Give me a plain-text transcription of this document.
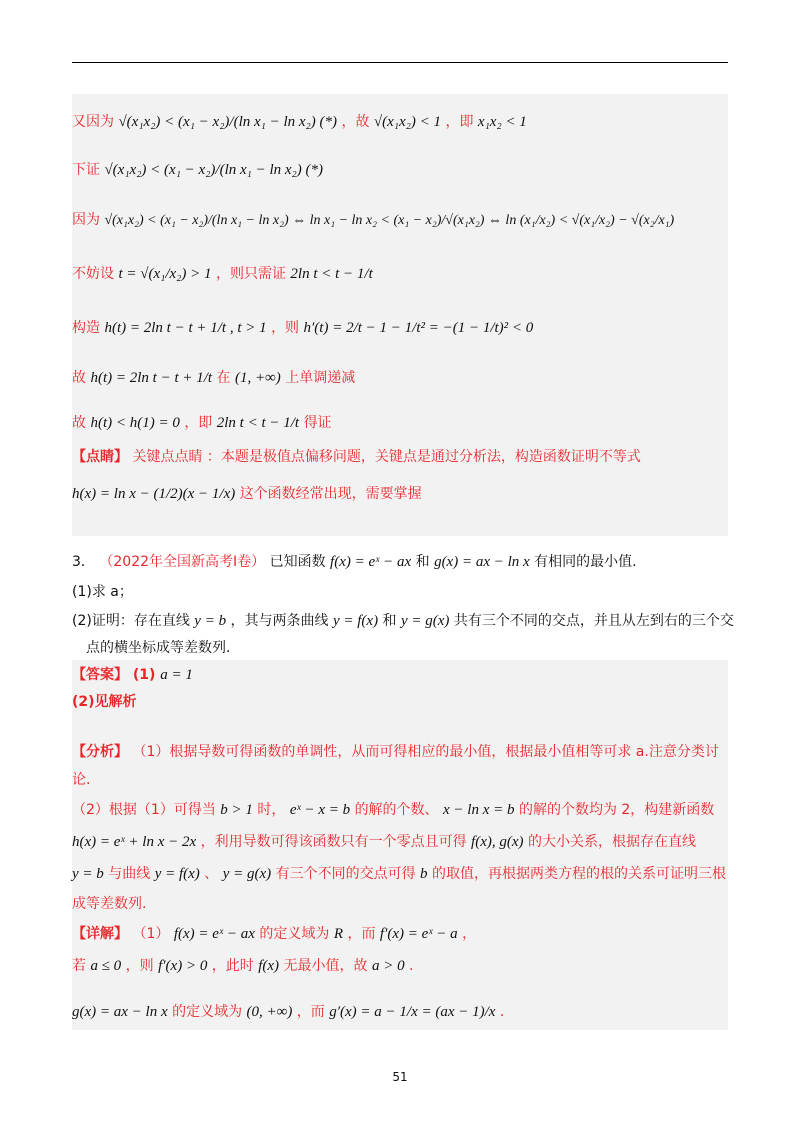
又因为 √(x₁x₂) < (x₁ − x₂)/(ln x₁ − ln x₂) (*) ，故 √(x₁x₂) < 1 ，即 x₁x₂ < 1
下证 √(x₁x₂) < (x₁ − x₂)/(ln x₁ − ln x₂) (*)
因为 √(x₁x₂) < (x₁ − x₂)/(ln x₁ − ln x₂) ⇔ ln x₁ − ln x₂ < (x₁ − x₂)/√(x₁x₂) ⇔ ln (x₁/x₂) < √(x₁/x₂) − √(x₂/x₁)
不妨设 t = √(x₁/x₂) > 1 ，则只需证 2ln t < t − 1/t
构造 h(t) = 2ln t − t + 1/t , t > 1 ，则 h′(t) = 2/t − 1 − 1/t² = −(1 − 1/t)² < 0
故 h(t) = 2ln t − t + 1/t 在 (1, +∞) 上单调递减
故 h(t) < h(1) = 0 ，即 2ln t < t − 1/t 得证
【点睛】 关键点点睛 ：本题是极值点偏移问题，关键点是通过分析法，构造函数证明不等式
h(x) = ln x − (1/2)(x − 1/x) 这个函数经常出现，需要掌握
3． （2022年全国新高考Ⅰ卷） 已知函数 f(x) = eˣ − ax 和 g(x) = ax − ln x 有相同的最小值.
(1)求 a；
(2)证明：存在直线 y = b ，其与两条曲线 y = f(x) 和 y = g(x) 共有三个不同的交点，并且从左到右的三个交
点的横坐标成等差数列.
【答案】 (1) a = 1
(2)见解析
【分析】 （1）根据导数可得函数的单调性，从而可得相应的最小值，根据最小值相等可求 a.注意分类讨
论.
（2）根据（1）可得当 b > 1 时， eˣ − x = b 的解的个数、 x − ln x = b 的解的个数均为 2，构建新函数
h(x) = eˣ + ln x − 2x ，利用导数可得该函数只有一个零点且可得 f(x), g(x) 的大小关系，根据存在直线
y = b 与曲线 y = f(x) 、 y = g(x) 有三个不同的交点可得 b 的取值，再根据两类方程的根的关系可证明三根
成等差数列.
【详解】 （1） f(x) = eˣ − ax 的定义域为 R ，而 f′(x) = eˣ − a ，
若 a ≤ 0 ，则 f′(x) > 0 ，此时 f(x) 无最小值，故 a > 0 .
g(x) = ax − ln x 的定义域为 (0, +∞) ，而 g′(x) = a − 1/x = (ax − 1)/x .
51
